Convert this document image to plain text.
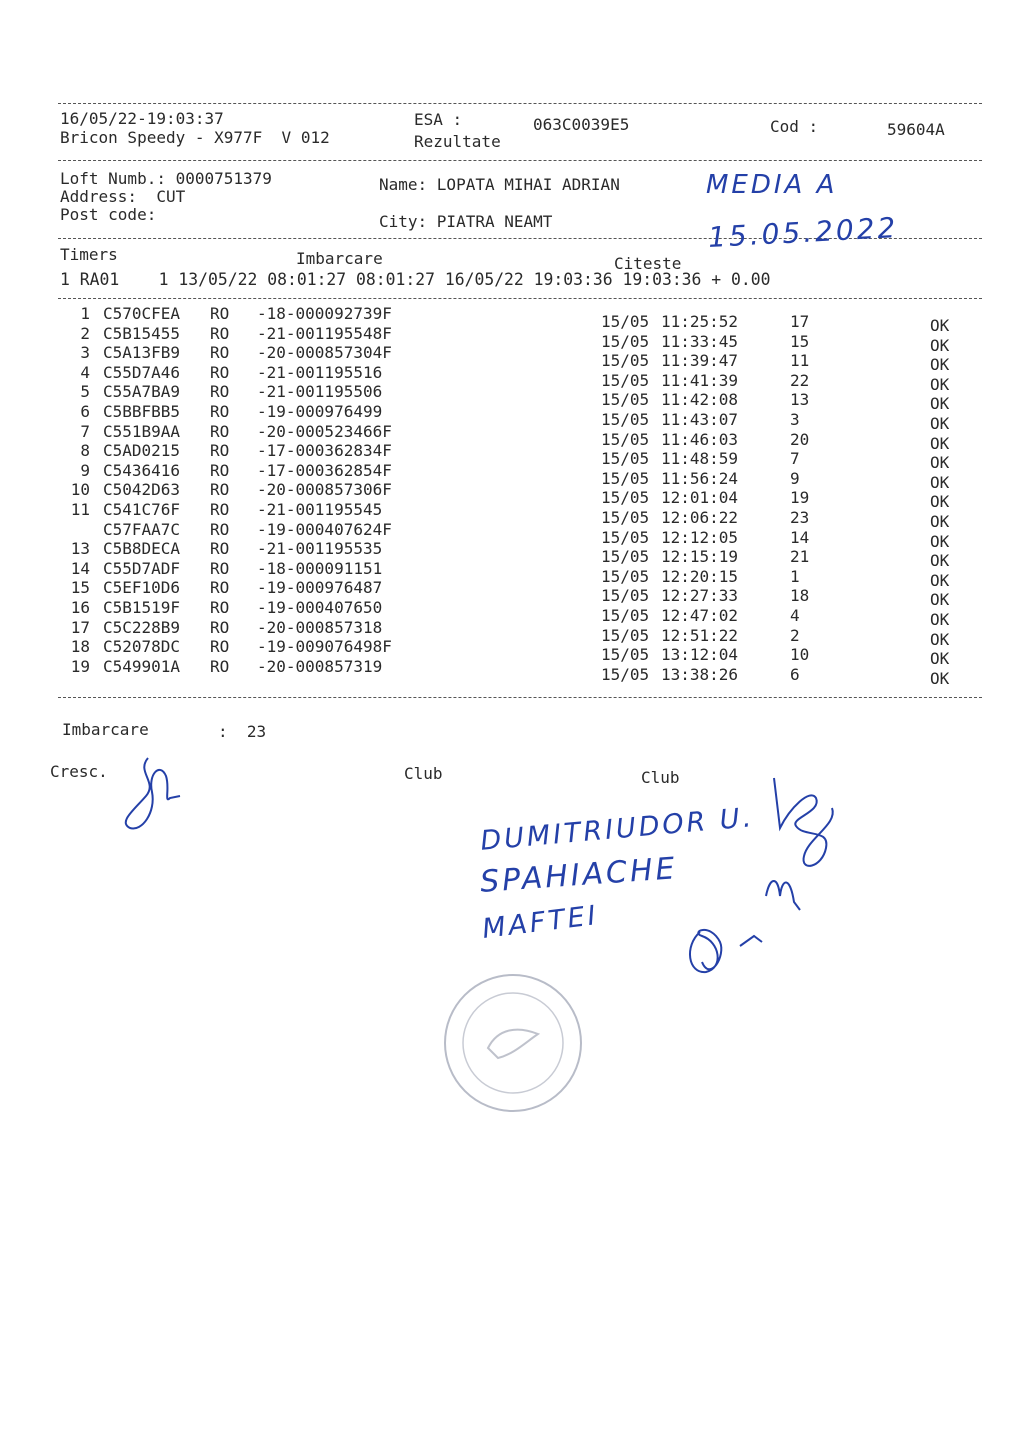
16/05/22-19:03:37
Bricon Speedy - X977F  V 012
ESA :	063C0039E5
Rezultate
Cod :	59604A
Loft Numb.: 0000751379
Address:  CUT
Post code:
Name: LOPATA MIHAI ADRIAN
City: PIATRA NEAMT
Timers	Imbarcare	Citeste
1 RA01    1 13/05/22 08:01:27 08:01:27 16/05/22 19:03:36 19:03:36 + 0.00
1 C570CFEA RO -18-000092739F	15/05 11:25:52	17	OK
2 C5B15455 RO -21-001195548F	15/05 11:33:45	15	OK
3 C5A13FB9 RO -20-000857304F	15/05 11:39:47	11	OK
4 C55D7A46 RO -21-001195516	15/05 11:41:39	22	OK
5 C55A7BA9 RO -21-001195506	15/05 11:42:08	13	OK
6 C5BBFBB5 RO -19-000976499	15/05 11:43:07	3	OK
7 C551B9AA RO -20-000523466F	15/05 11:46:03	20	OK
8 C5AD0215 RO -17-000362834F	15/05 11:48:59	7	OK
9 C5436416 RO -17-000362854F	15/05 11:56:24	9	OK
10 C5042D63 RO -20-000857306F	15/05 12:01:04	19	OK
11 C541C76F RO -21-001195545	15/05 12:06:22	23	OK
C57FAA7C RO -19-000407624F	15/05 12:12:05	14	OK
13 C5B8DECA RO -21-001195535	15/05 12:15:19	21	OK
14 C55D7ADF RO -18-000091151	15/05 12:20:15	1	OK
15 C5EF10D6 RO -19-000976487	15/05 12:27:33	18	OK
16 C5B1519F RO -19-000407650	15/05 12:47:02	4	OK
17 C5C228B9 RO -20-000857318	15/05 12:51:22	2	OK
18 C52078DC RO -19-009076498F	15/05 13:12:04	10	OK
19 C549901A RO -20-000857319	15/05 13:38:26	6	OK
Imbarcare	:  23
Cresc.	Club	Club
MEDIA A
15.05.2022
DUMITRIUDOR U.
SPAHIACHE
MAFTEI
